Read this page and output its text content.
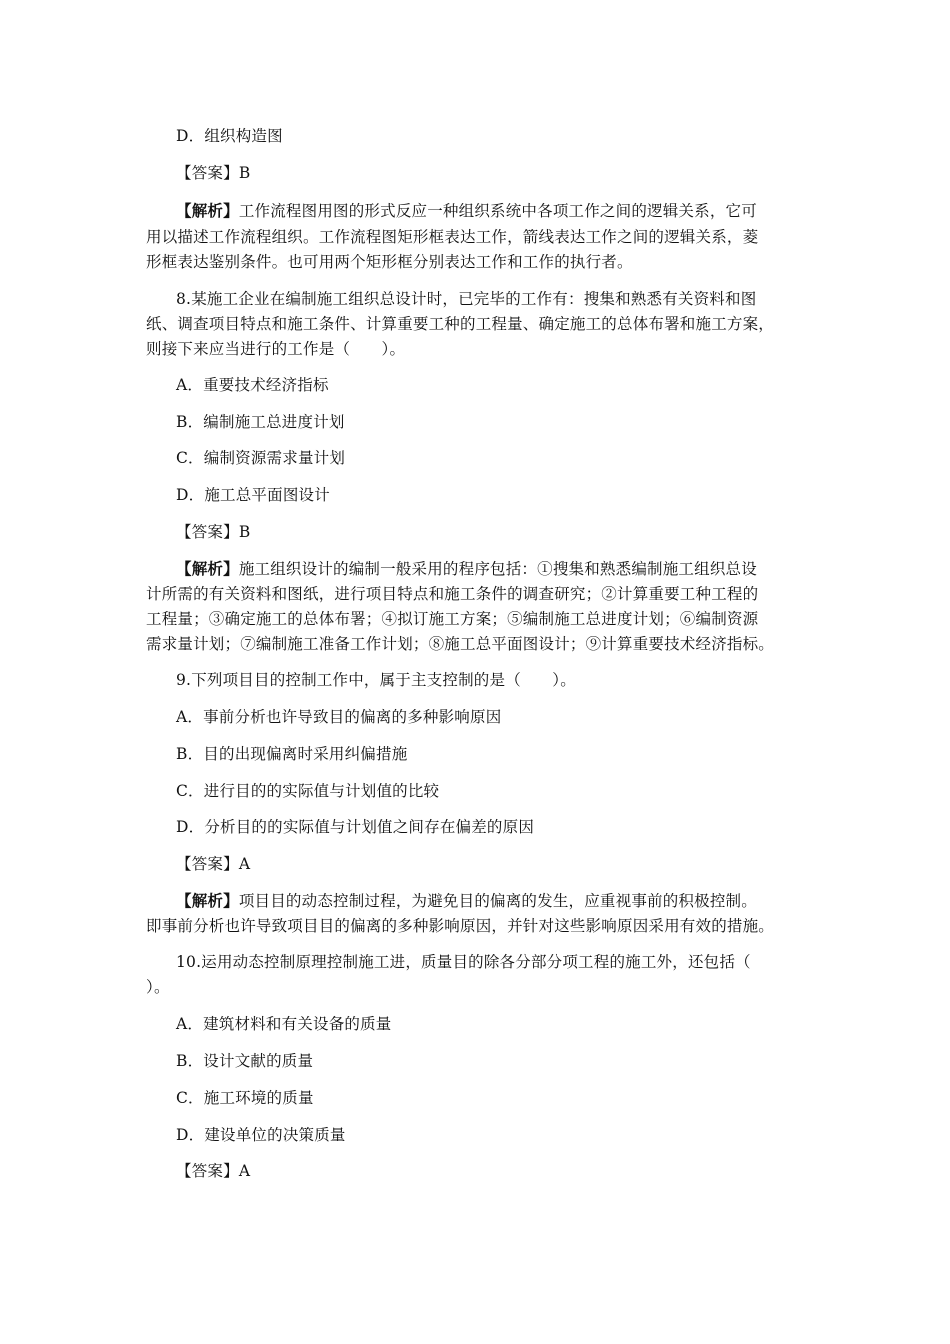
D．组织构造图
【答案】B
【解析】工作流程图用图的形式反应一种组织系统中各项工作之间的逻辑关系，它可
用以描述工作流程组织。工作流程图矩形框表达工作，箭线表达工作之间的逻辑关系，菱
形框表达鉴别条件。也可用两个矩形框分别表达工作和工作的执行者。
8.某施工企业在编制施工组织总设计时，已完毕的工作有：搜集和熟悉有关资料和图
纸、调查项目特点和施工条件、计算重要工种的工程量、确定施工的总体布署和施工方案，
则接下来应当进行的工作是（　　）。
A．重要技术经济指标
B．编制施工总进度计划
C．编制资源需求量计划
D．施工总平面图设计
【答案】B
【解析】施工组织设计的编制一般采用的程序包括：①搜集和熟悉编制施工组织总设
计所需的有关资料和图纸，进行项目特点和施工条件的调查研究；②计算重要工种工程的
工程量；③确定施工的总体布署；④拟订施工方案；⑤编制施工总进度计划；⑥编制资源
需求量计划；⑦编制施工准备工作计划；⑧施工总平面图设计；⑨计算重要技术经济指标。
9.下列项目目的控制工作中，属于主支控制的是（　　）。
A．事前分析也许导致目的偏离的多种影响原因
B．目的出现偏离时采用纠偏措施
C．进行目的的实际值与计划值的比较
D．分析目的的实际值与计划值之间存在偏差的原因
【答案】A
【解析】项目目的动态控制过程，为避免目的偏离的发生，应重视事前的积极控制。
即事前分析也许导致项目目的偏离的多种影响原因，并针对这些影响原因采用有效的措施。
10.运用动态控制原理控制施工进，质量目的除各分部分项工程的施工外，还包括（
）。
A．建筑材料和有关设备的质量
B．设计文献的质量
C．施工环境的质量
D．建设单位的决策质量
【答案】A
